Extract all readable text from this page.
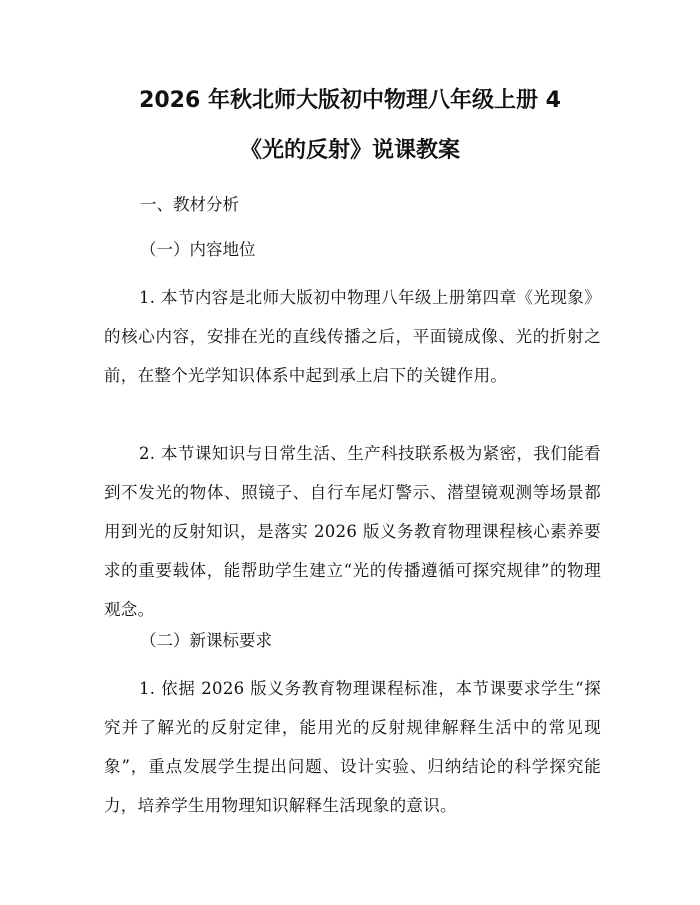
2026 年秋北师大版初中物理八年级上册 4
《光的反射》说课教案
一、教材分析
（一）内容地位
1. 本节内容是北师大版初中物理八年级上册第四章《光现象》的核心内容，安排在光的直线传播之后，平面镜成像、光的折射之前，在整个光学知识体系中起到承上启下的关键作用。
2. 本节课知识与日常生活、生产科技联系极为紧密，我们能看到不发光的物体、照镜子、自行车尾灯警示、潜望镜观测等场景都用到光的反射知识，是落实 2026 版义务教育物理课程核心素养要求的重要载体，能帮助学生建立“光的传播遵循可探究规律”的物理观念。
（二）新课标要求
1. 依据 2026 版义务教育物理课程标准，本节课要求学生“探究并了解光的反射定律，能用光的反射规律解释生活中的常见现象”，重点发展学生提出问题、设计实验、归纳结论的科学探究能力，培养学生用物理知识解释生活现象的意识。
